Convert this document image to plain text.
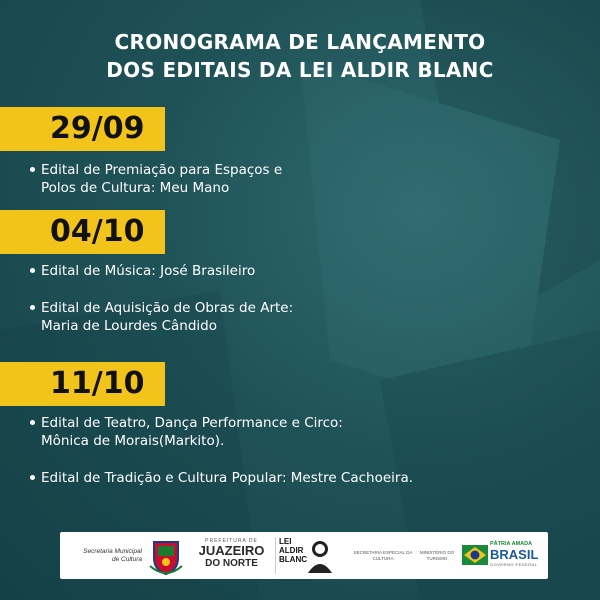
CRONOGRAMA DE LANÇAMENTO
DOS EDITAIS DA LEI ALDIR BLANC
29/09
Edital de Premiação para Espaços e
Polos de Cultura: Meu Mano
04/10
Edital de Música: José Brasileiro
Edital de Aquisição de Obras de Arte:
Maria de Lourdes Cândido
11/10
Edital de Teatro, Dança Performance e Circo:
Mônica de Morais(Markito).
Edital de Tradição e Cultura Popular: Mestre Cachoeira.
Secretaria Municipal
de Cultura
PREFEITURA DE
JUAZEIRO
DO NORTE
LEI
ALDIR
BLANC
SECRETARIA ESPECIAL DA
CULTURA
MINISTÉRIO DO
TURISMO
PÁTRIA AMADA
BRASIL
GOVERNO FEDERAL
